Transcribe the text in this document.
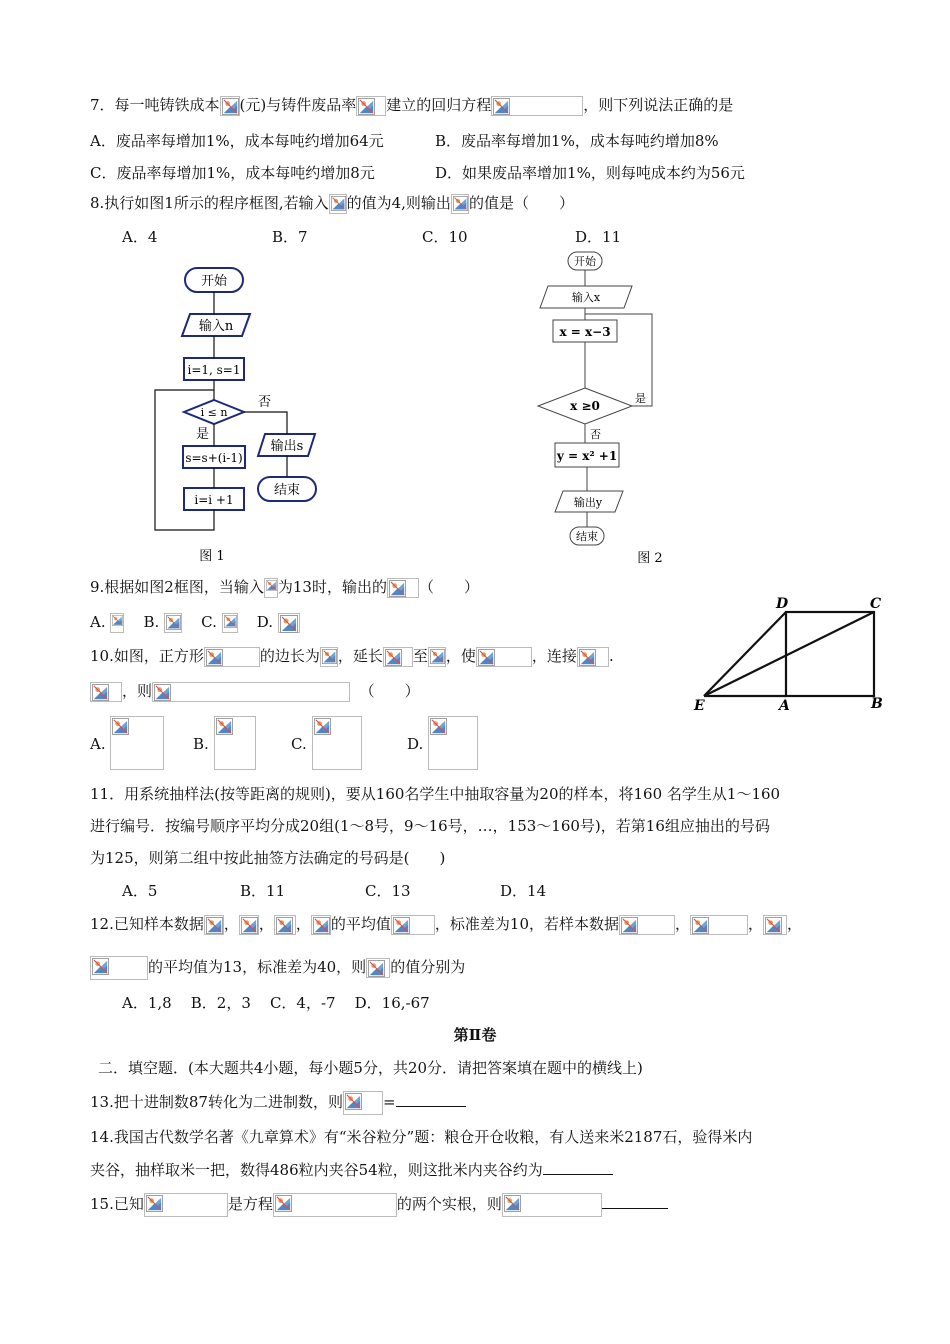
7．每一吨铸铁成本 (元)与铸件废品率 建立的回归方程	，则下列说法正确的是
A．废品率每增加1%，成本每吨约增加64元	B．废品率每增加1%，成本每吨约增加8%
C．废品率每增加1%，成本每吨约增加8元	D．如果废品率增加1%，则每吨成本约为56元
8.执行如图1所示的程序框图,若输入 的值为4,则输出 的值是（　　）
A．4	B．7	C．10	D．11
开始
输入n
i=1, s=1
i ≤ n
否
是
s=s+(i-1)
i=i +1
输出s
结束
图 1
开始
输入x
x = x−3
x ≥0
是
否
y = x² +1
输出y
结束
图 2
9.根据如图2框图，当输入 为13时，输出的 （　　）
A.	B.	C.	D.
D	C
E	A	B
10.如图，正方形	的边长为 ，延长 至 ，使	，连接 .
，则	（　　）
A.	B.	C.	D.
11．用系统抽样法(按等距离的规则)，要从160名学生中抽取容量为20的样本，将160 名学生从1～160
进行编号．按编号顺序平均分成20组(1～8号，9～16号，…，153～160号)，若第16组应抽出的号码
为125，则第二组中按此抽签方法确定的号码是(　　)
A．5	B．11	C．13	D．14
12.已知样本数据 ， ， ， 的平均值	，标准差为10，若样本数据	，	， ，
的平均值为13，标准差为40，则 的值分别为
A．1,8    B．2，3    C．4，-7    D．16,-67
第Ⅱ卷
二．填空题．(本大题共4小题，每小题5分，共20分．请把答案填在题中的横线上)
13.把十进制数87转化为二进制数，则	=
14.我国古代数学名著《九章算术》有“米谷粒分”题：粮仓开仓收粮，有人送来米2187石，验得米内
夹谷，抽样取米一把，数得486粒内夹谷54粒，则这批米内夹谷约为
15.已知	是方程	的两个实根，则
